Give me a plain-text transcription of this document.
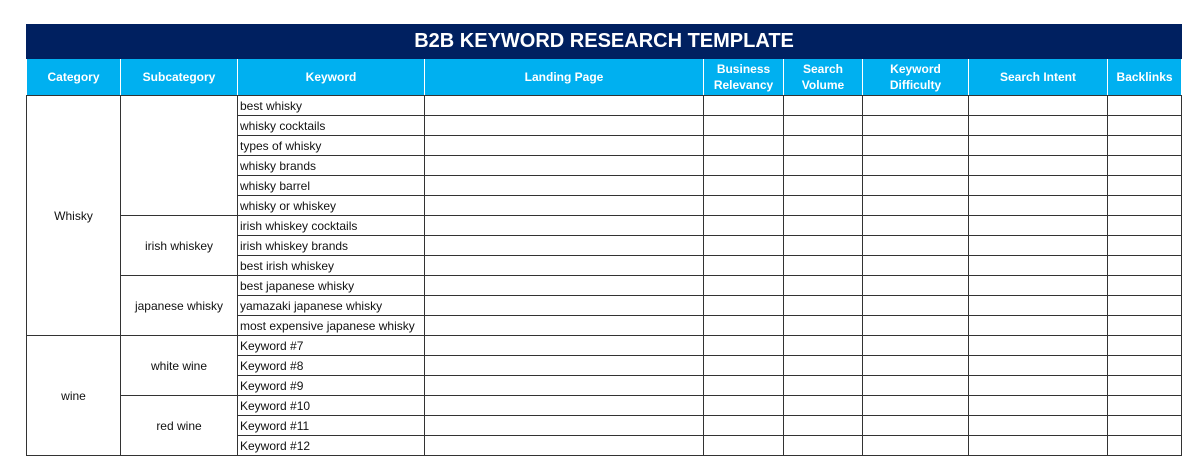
B2B KEYWORD RESEARCH TEMPLATE								
Category	Subcategory	Keyword	Landing Page	Business Relevancy	Search Volume	Keyword Difficulty	Search Intent	Backlinks
Whisky		best whisky						
		whisky cocktails						
		types of whisky						
		whisky brands						
		whisky barrel						
		whisky or whiskey						
	irish whiskey	irish whiskey cocktails						
		irish whiskey brands						
		best irish whiskey						
	japanese whisky	best japanese whisky						
		yamazaki japanese whisky						
		most expensive japanese whisky						
wine	white wine	Keyword #7						
		Keyword #8						
		Keyword #9						
	red wine	Keyword #10						
		Keyword #11						
		Keyword #12						
